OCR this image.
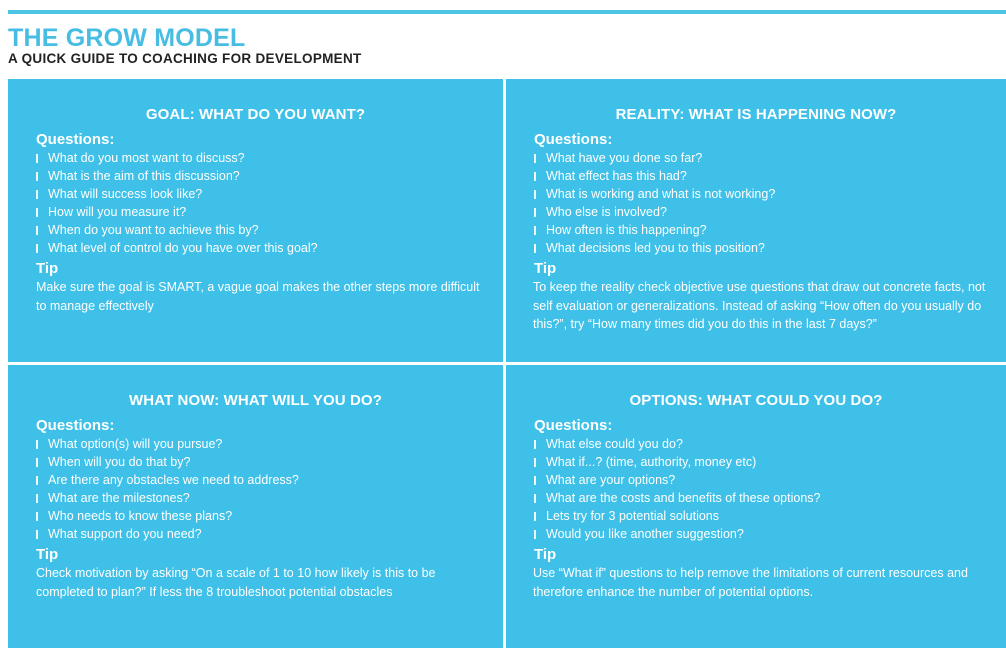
THE GROW MODEL
A QUICK GUIDE TO COACHING FOR DEVELOPMENT
GOAL: WHAT DO YOU WANT?
Questions:
What do you most want to discuss?
What is the aim of this discussion?
What will success look like?
How will you measure it?
When do you want to achieve this by?
What level of control do you have over this goal?
Tip
Make sure the goal is SMART, a vague goal makes the other steps more difficult to manage effectively
REALITY: WHAT IS HAPPENING NOW?
Questions:
What have you done so far?
What effect has this had?
What is working and what is not working?
Who else is involved?
How often is this happening?
What decisions led you to this position?
Tip
To keep the reality check objective use questions that draw out concrete facts, not self evaluation or generalizations. Instead of asking “How often do you usually do this?”, try “How many times did you do this in the last 7 days?”
WHAT NOW: WHAT WILL YOU DO?
Questions:
What option(s) will you pursue?
When will you do that by?
Are there any obstacles we need to address?
What are the milestones?
Who needs to know these plans?
What support do you need?
Tip
Check motivation by asking “On a scale of 1 to 10 how likely is this to be completed to plan?” If less the 8 troubleshoot potential obstacles
OPTIONS: WHAT COULD YOU DO?
Questions:
What else could you do?
What if...? (time, authority, money etc)
What are your options?
What are the costs and benefits of these options?
Lets try for 3 potential solutions
Would you like another suggestion?
Tip
Use “What if” questions to help remove the limitations of current resources and therefore enhance the number of potential options.
